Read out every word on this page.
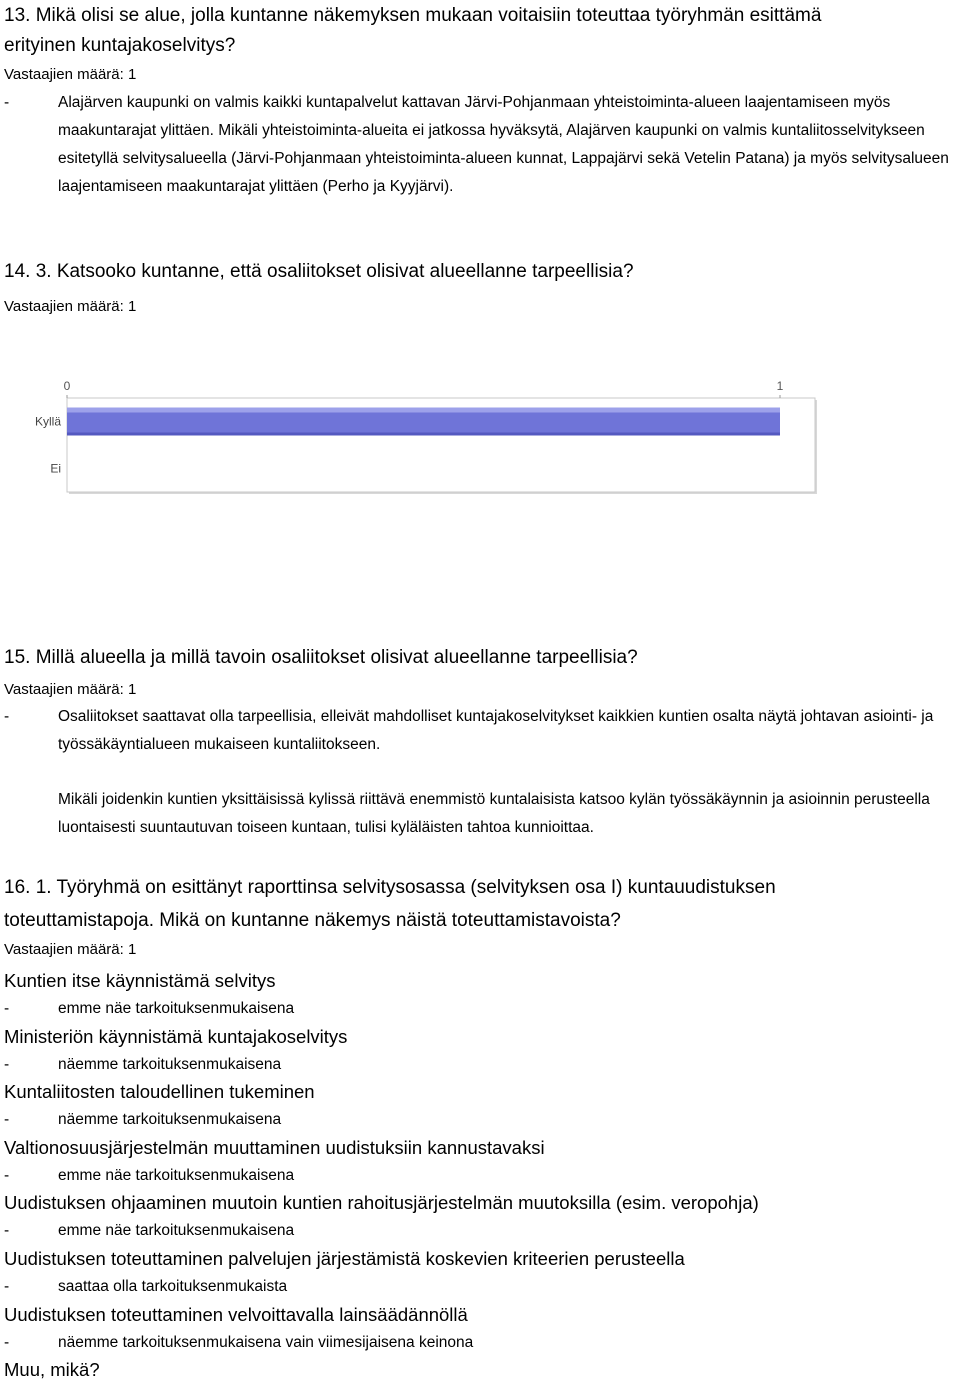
13. Mikä olisi se alue, jolla kuntanne näkemyksen mukaan voitaisiin toteuttaa työryhmän esittämä
erityinen kuntajakoselvitys?
Vastaajien määrä: 1
-	Alajärven kaupunki on valmis kaikki kuntapalvelut kattavan Järvi-Pohjanmaan yhteistoiminta-alueen laajentamiseen myös maakuntarajat ylittäen. Mikäli yhteistoiminta-alueita ei jatkossa hyväksytä, Alajärven kaupunki on valmis kuntaliitosselvitykseen esitetyllä selvitysalueella (Järvi-Pohjanmaan yhteistoiminta-alueen kunnat, Lappajärvi sekä Vetelin Patana) ja myös selvitysalueen laajentamiseen maakuntarajat ylittäen (Perho ja Kyyjärvi).

14. 3. Katsooko kuntanne, että osaliitokset olisivat alueellanne tarpeellisia?
Vastaajien määrä: 1
0	1
Kyllä
Ei
15. Millä alueella ja millä tavoin osaliitokset olisivat alueellanne tarpeellisia?
Vastaajien määrä: 1
-	Osaliitokset saattavat olla tarpeellisia, elleivät mahdolliset kuntajakoselvitykset kaikkien kuntien osalta näytä johtavan asiointi- ja työssäkäyntialueen mukaiseen kuntaliitokseen.

Mikäli joidenkin kuntien yksittäisissä kylissä riittävä enemmistö kuntalaisista katsoo kylän työssäkäynnin ja asioinnin perusteella luontaisesti suuntautuvan toiseen kuntaan, tulisi kyläläisten tahtoa kunnioittaa.

16. 1. Työryhmä on esittänyt raporttinsa selvitysosassa (selvityksen osa I) kuntauudistuksen
toteuttamistapoja. Mikä on kuntanne näkemys näistä toteuttamistavoista?
Vastaajien määrä: 1
Kuntien itse käynnistämä selvitys
-	emme näe tarkoituksenmukaisena
Ministeriön käynnistämä kuntajakoselvitys
-	näemme tarkoituksenmukaisena
Kuntaliitosten taloudellinen tukeminen
-	näemme tarkoituksenmukaisena
Valtionosuusjärjestelmän muuttaminen uudistuksiin kannustavaksi
-	emme näe tarkoituksenmukaisena
Uudistuksen ohjaaminen muutoin kuntien rahoitusjärjestelmän muutoksilla (esim. veropohja)
-	emme näe tarkoituksenmukaisena
Uudistuksen toteuttaminen palvelujen järjestämistä koskevien kriteerien perusteella
-	saattaa olla tarkoituksenmukaista
Uudistuksen toteuttaminen velvoittavalla lainsäädännöllä
-	näemme tarkoituksenmukaisena vain viimesijaisena keinona
Muu, mikä?
